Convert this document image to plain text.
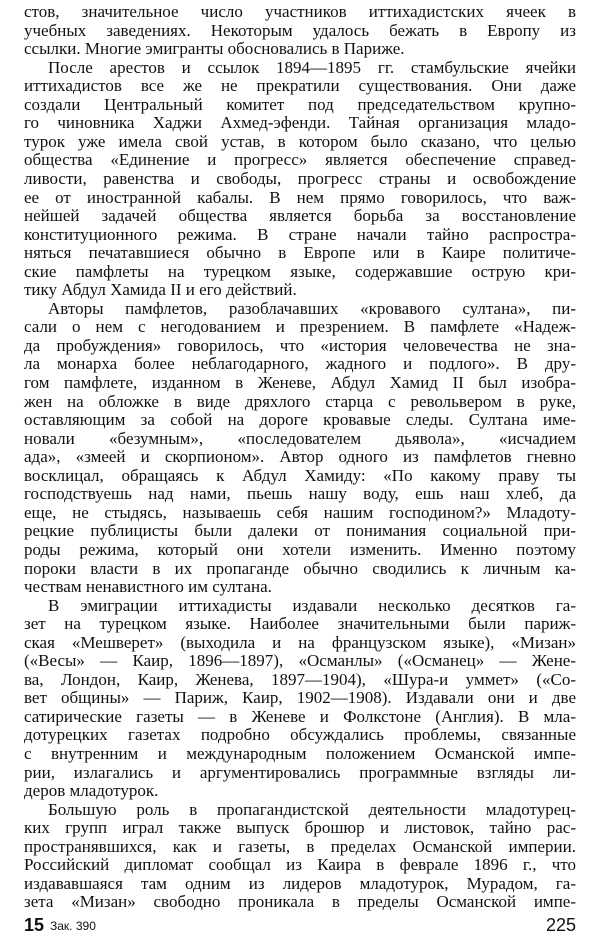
стов, значительное число участников иттихадистских ячеек в
учебных заведениях. Некоторым удалось бежать в Европу из
ссылки. Многие эмигранты обосновались в Париже.
После арестов и ссылок 1894—1895 гг. стамбульские ячейки
иттихадистов все же не прекратили существования. Они даже
создали Центральный комитет под председательством крупно-
го чиновника Хаджи Ахмед-эфенди. Тайная организация младо-
турок уже имела свой устав, в котором было сказано, что целью
общества «Единение и прогресс» является обеспечение справед-
ливости, равенства и свободы, прогресс страны и освобождение
ее от иностранной кабалы. В нем прямо говорилось, что важ-
нейшей задачей общества является борьба за восстановление
конституционного режима. В стране начали тайно распростра-
няться печатавшиеся обычно в Европе или в Каире политиче-
ские памфлеты на турецком языке, содержавшие острую кри-
тику Абдул Хамида II и его действий.
Авторы памфлетов, разоблачавших «кровавого султана», пи-
сали о нем с негодованием и презрением. В памфлете «Надеж-
да пробуждения» говорилось, что «история человечества не зна-
ла монарха более неблагодарного, жадного и подлого». В дру-
гом памфлете, изданном в Женеве, Абдул Хамид II был изобра-
жен на обложке в виде дряхлого старца с револьвером в руке,
оставляющим за собой на дороге кровавые следы. Султана име-
новали «безумным», «последователем дьявола», «исчадием
ада», «змеей и скорпионом». Автор одного из памфлетов гневно
восклицал, обращаясь к Абдул Хамиду: «По какому праву ты
господствуешь над нами, пьешь нашу воду, ешь наш хлеб, да
еще, не стыдясь, называешь себя нашим господином?» Младоту-
рецкие публицисты были далеки от понимания социальной при-
роды режима, который они хотели изменить. Именно поэтому
пороки власти в их пропаганде обычно сводились к личным ка-
чествам ненавистного им султана.
В эмиграции иттихадисты издавали несколько десятков га-
зет на турецком языке. Наиболее значительными были париж-
ская «Мешверет» (выходила и на французском языке), «Мизан»
(«Весы» — Каир, 1896—1897), «Османлы» («Османец» — Жене-
ва, Лондон, Каир, Женева, 1897—1904), «Шура-и уммет» («Со-
вет общины» — Париж, Каир, 1902—1908). Издавали они и две
сатирические газеты — в Женеве и Фолкстоне (Англия). В мла-
дотурецких газетах подробно обсуждались проблемы, связанные
с внутренним и международным положением Османской импе-
рии, излагались и аргументировались программные взгляды ли-
деров младотурок.
Большую роль в пропагандистской деятельности младотурец-
ких групп играл также выпуск брошюр и листовок, тайно рас-
пространявшихся, как и газеты, в пределах Османской империи.
Российский дипломат сообщал из Каира в феврале 1896 г., что
издававшаяся там одним из лидеров младотурок, Мурадом, га-
зета «Мизан» свободно проникала в пределы Османской импе-
15 Зак. 390	225
